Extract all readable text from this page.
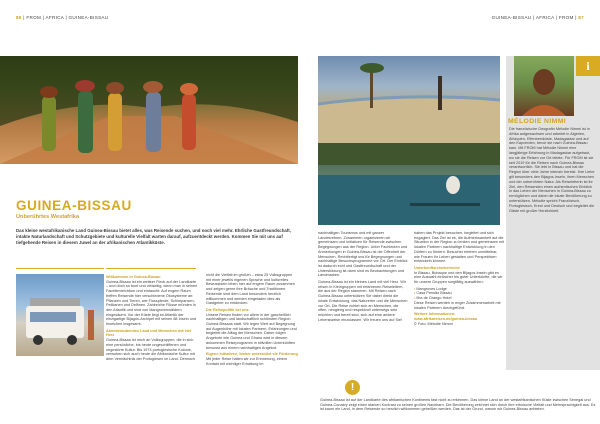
86 | FROM | AFRICA | GUINEA-BISSAU	GUINEA-BISSAU | AFRICA | FROM | 87
i
MÉLODIE NIMMI
Die französische Geografin Mélodie Nimmi ist in Afrika aufgewachsen und arbeitet in Algerien, Äthiopien, Elfenbeinküste, Madagaskar und auf den Kapverden, bevor sie nach Guinea-Bissau kam. Mit FROM hat Mélodie Nimmi eine langjährige Erfahrung in Madagaskar aufgebaut, wo sie die Reisen vor Ort leitete. Für FROM ist sie seit 2019 für die Reisen nach Guinea-Bissau verantwortlich. Sie lebt in Bissau und hat die Region über viele Jahre intensiv bereist. Ihre Liebe gilt besonders den Bijagos-Inseln, ihren Menschen und der unberührten Natur. Als Reiseleiterin ist ihr Ziel, den Reisenden einen authentischen Einblick in das Leben der Menschen in Guinea-Bissau zu ermöglichen und dabei die lokale Bevölkerung zu unterstützen. Mélodie spricht Französisch, Portugiesisch, Kreol und Deutsch und begleitet die Gäste mit großer Herzlichkeit.
GUINEA-BISSAU
Unberührtes Westafrika
Das kleine westafrikanische Land Guinea-Bissau bietet alles, was Reisende suchen, und noch viel mehr. Ehrliche Gastfreundschaft, intakte Naturlandschaft und Schutzgebiete und kulturelle Vielfalt warten darauf, aufzuentdeckt werden. Kommen Sie mit uns auf tiefgehende Reisen in diesem Juwel an der afrikanischen Atlantikküste.
Willkommen in Guinea-Bissau
Guinea-Bissau ist ein weiteer Fleck auf der Landkarte – und doch so bunt und vielseitig, wenn man in seinen Facettenreichtum und eintaucht: Auf engem Raum treffen Reisende hier verschiedene Ökosysteme an: Pflanzen und Tieren, wie Flusspferde, Schimpansen, Pelikanen und Delfinen. Zahlreiche Flüsse münden in den Atlantik und sind von Mangrovenwäldern eingesäumt. Vor der Küste liegt im Atlantik der einzigartige Bijagos-Archipel mit seinen 88 Inseln und Inselchen insgesamt.
Atemberaubendes Land und Menschen mit viel Herz
Guinea-Bissau ist reich an Volksgruppen, die in sich eine persönliche, bis heute ungeschliffenen und ungestörte Kultur. Bis 1974 portugiesische Kolonie, verwoben sich auch heute die Afrikanische Kultur mit dem Vermächtnis der Portugiesen im Land. Dennoch
nicht die Vielfalt im großen – etwa 25 Volksgruppen mit einer jeweils eigenen Sprache und kulturelles Bewusstsein leben hier auf engem Raum zusammen und zeigen gerne ihre Bräuche und Traditionen. Reisende sind dem Land besonders herzlich willkommen und werden eingeladen dies als Gastgeber zu entdecken.
Die Reisepolitik bei uns
Unsere Reisen finden vor allem in der ganzheitlich nachhaltigen und landschaftlich schönsten Region Guinea-Bissaus statt. Wir legen Wert auf Begegnung auf Augenhöhe mit lokalen Partnern. Erfahrungen und begleitet die Alltag der Menschen. Daher folgen Angebote wie Guinea und Ghana wird in diesem ankommen Reiseprogramm in stilvollen Unterkünften bewusst aus einem nachhaltigen Angebot.
Eigene Initiativen, bisher unterstützt sie Förderung
Mit jeder Reise halten wir zur Erinnerung, einem Kontakt mit wichtiger Erhaltung im
nachhaltigen Tourismus und mit ganzer Landesreform. Zusammen organisieren wir gemeinsam und Initiativen für Reisende zwischen Begegnungen aus der Region. Unter Fachleuten und Anmerkungen in Guinea-Bissau ist die Offenheit der Menschen, Rechtfertigt uns für Begegnungen und nachhaltige Besuchsprogramme vor Ort. Der Einblick ist dadurch echt und Gastfreundschaft und der Unterstützung ist dann sind es Beobachtungen und Landmarken.
Guinea-Bissau ist ein kleines Land mit viel Herz. Wir reisen in Kleingruppen mit erfahrenen Reiseleitern, die aus der Region stammen. Mit Reisen nach Guinea-Bissau unterstützen Sie dabei direkt die lokale Entwicklung, das Naturerbe und die Menschen vor Ort. Die Reise richtet sich an Menschen, die offen, neugierig und respektvoll unterwegs sein möchten und bereit sind, sich auf eine andere Lebensweise einzulassen. Wir freuen uns auf Sie!
haben das Projekt besuchen, begleitet und sich engagiert. Das Ziel ist es, die Aufmerksamkeit auf die Situation in der Region zu lenken und gemeinsam mit lokalen Partnern nachhaltige Entwicklung in den Dörfern zu fördern. Besucher erleben unmittelbar, wie Frauen ihr Leben gestalten und Perspektiven entwickeln können.
Unterkunftsreisebereiche
In Bissau, Bubaque und den Bijagos-Inseln gibt es eine Auswahl einfacher bis guter Unterkünfte, die wir für unsere Gruppen sorgfältig auswählen:
• Mangroves Lodge
• Casa Pensão Bissau
• Ilha de Orango Hotel
Diese Reisen werden in enger Zusammenarbeit mit lokalen Partnern durchgeführt.
Weitere Informationen: www.afrikareisen.de/guinea-bissau
© Foto: Mélodie Nimmi
!
Guinea-Bissau ist auf der Landkarte des afrikanischen Kontinents fast nicht zu erkennen. Das kleine Land an der westafrikanischen Küste zwischen Senegal und Guinea-Conakry zeigt einen starken Kontrast zu seinen großen Nachbarn. Die Bevölkerung zeichnet sich durch ihre ethnische Vielfalt und Mehrsprachigkeit aus. Es ist kaum ein Land, in dem Reisende so herzlich willkommen geheißen werden. Das ist der Grund, warum wir Guinea-Bissau anbieten.
